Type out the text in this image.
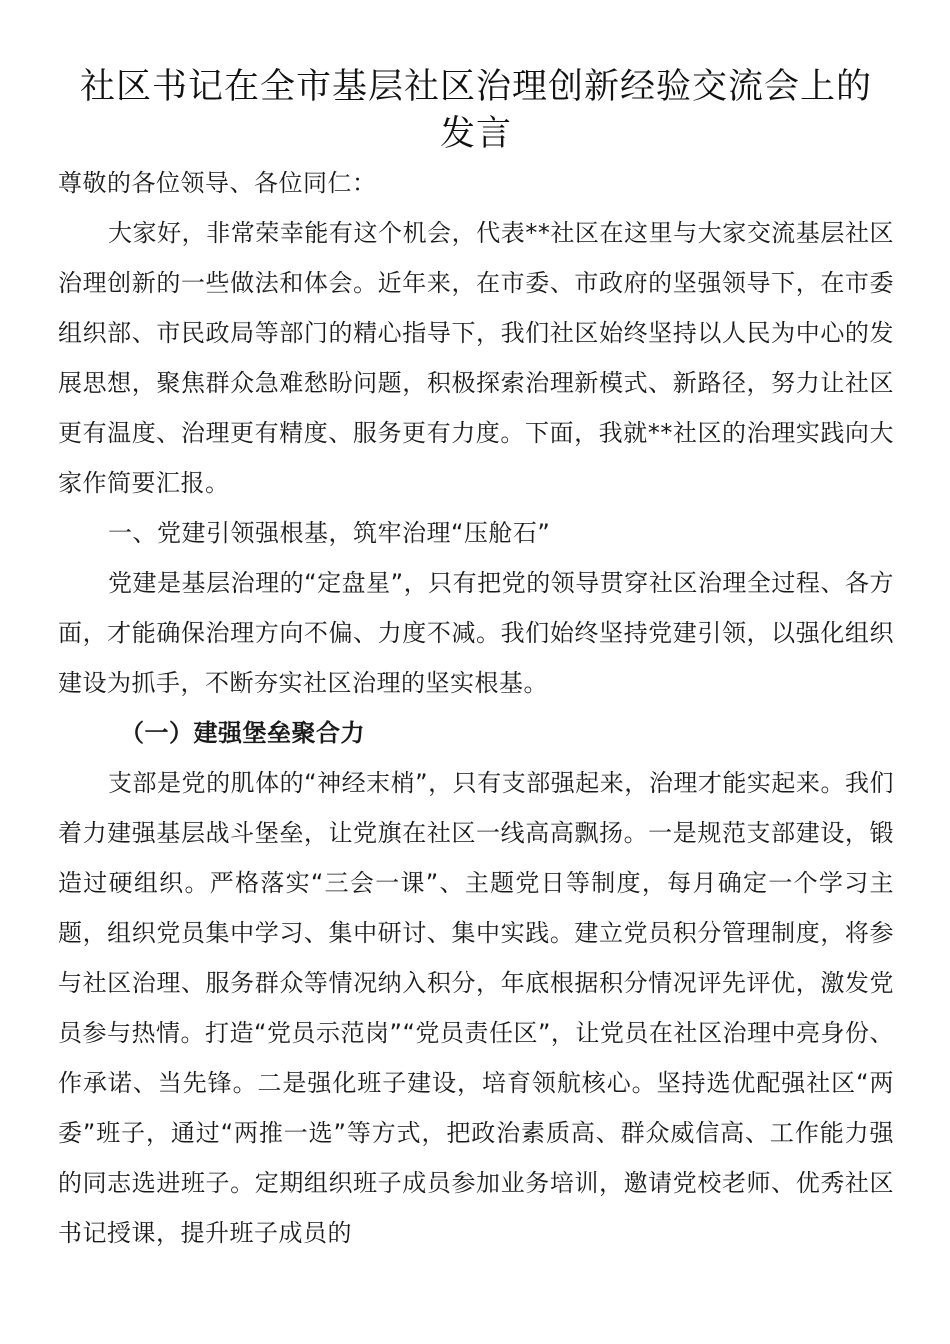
社区书记在全市基层社区治理创新经验交流会上的发言

尊敬的各位领导、各位同仁：

大家好，非常荣幸能有这个机会，代表**社区在这里与大家交流基层社区治理创新的一些做法和体会。近年来，在市委、市政府的坚强领导下，在市委组织部、市民政局等部门的精心指导下，我们社区始终坚持以人民为中心的发展思想，聚焦群众急难愁盼问题，积极探索治理新模式、新路径，努力让社区更有温度、治理更有精度、服务更有力度。下面，我就**社区的治理实践向大家作简要汇报。

一、党建引领强根基，筑牢治理“压舱石”

党建是基层治理的“定盘星”，只有把党的领导贯穿社区治理全过程、各方面，才能确保治理方向不偏、力度不减。我们始终坚持党建引领，以强化组织建设为抓手，不断夯实社区治理的坚实根基。

（一）建强堡垒聚合力

支部是党的肌体的“神经末梢”，只有支部强起来，治理才能实起来。我们着力建强基层战斗堡垒，让党旗在社区一线高高飘扬。一是规范支部建设，锻造过硬组织。严格落实“三会一课”、主题党日等制度，每月确定一个学习主题，组织党员集中学习、集中研讨、集中实践。建立党员积分管理制度，将参与社区治理、服务群众等情况纳入积分，年底根据积分情况评先评优，激发党员参与热情。打造“党员示范岗”“党员责任区”，让党员在社区治理中亮身份、作承诺、当先锋。二是强化班子建设，培育领航核心。坚持选优配强社区“两委”班子，通过“两推一选”等方式，把政治素质高、群众威信高、工作能力强的同志选进班子。定期组织班子成员参加业务培训，邀请党校老师、优秀社区书记授课，提升班子成员的
